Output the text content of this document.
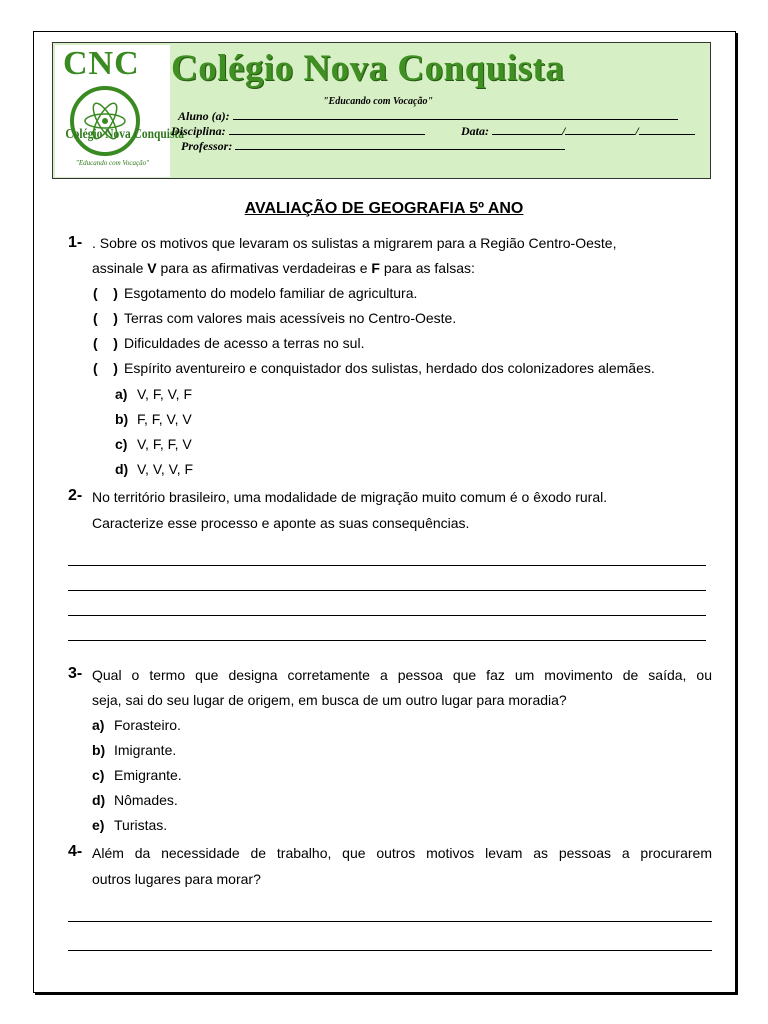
CNC
Colégio Nova Conquista
"Educando com Vocação"
Colégio Nova Conquista
"Educando com Vocação"
Aluno (a):
Disciplina:	Data:	/	/
Professor:
AVALIAÇÃO DE GEOGRAFIA 5º ANO
1- . Sobre os motivos que levaram os sulistas a migrarem para a Região Centro-Oeste,
assinale V para as afirmativas verdadeiras e F para as falsas:
( ) Esgotamento do modelo familiar de agricultura.
( ) Terras com valores mais acessíveis no Centro-Oeste.
( ) Dificuldades de acesso a terras no sul.
( ) Espírito aventureiro e conquistador dos sulistas, herdado dos colonizadores alemães.
a) V, F, V, F
b) F, F, V, V
c) V, F, F, V
d) V, V, V, F
2- No território brasileiro, uma modalidade de migração muito comum é o êxodo rural.
Caracterize esse processo e aponte as suas consequências.
3- Qual o termo que designa corretamente a pessoa que faz um movimento de saída, ou
seja, sai do seu lugar de origem, em busca de um outro lugar para moradia?
a) Forasteiro.
b) Imigrante.
c) Emigrante.
d) Nômades.
e) Turistas.
4- Além da necessidade de trabalho, que outros motivos levam as pessoas a procurarem
outros lugares para morar?
